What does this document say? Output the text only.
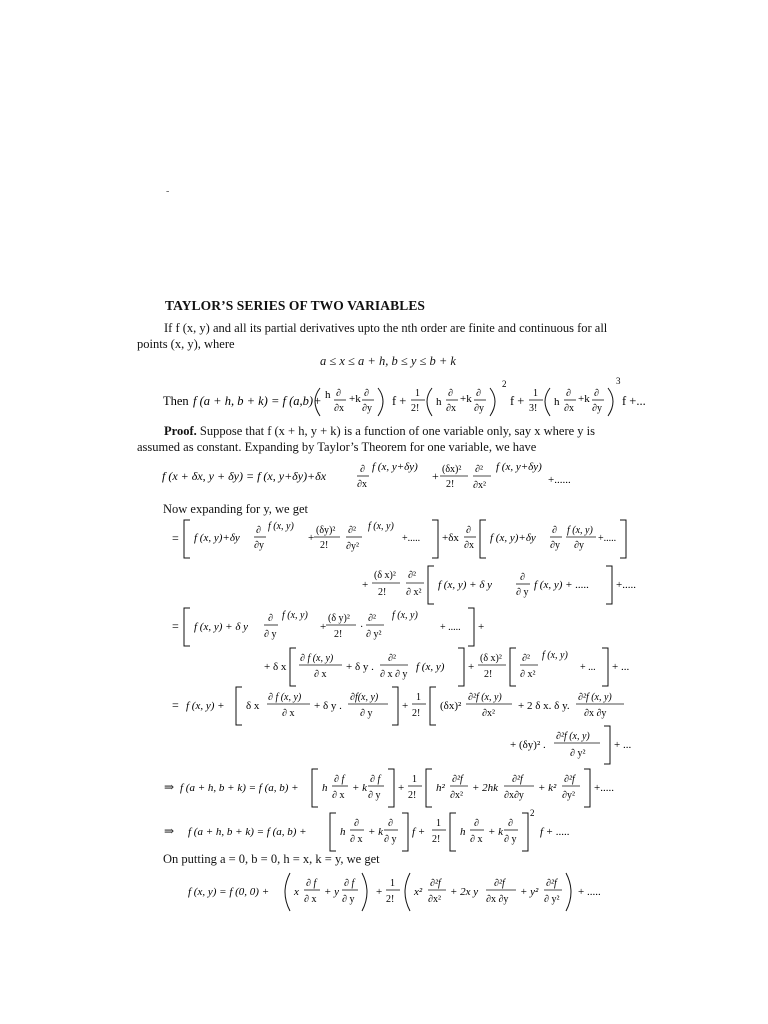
-
TAYLOR’S SERIES OF TWO VARIABLES
If f (x, y) and all its partial derivatives upto the nth order are finite and continuous for all points (x, y), where
a ≤ x ≤ a + h, b ≤ y ≤ b + k
Then f (a + h, b + k) = f (a,b)+ h ∂
∂x
+k ∂
∂y
f +
1
2!
h
∂
∂x
+k ∂
∂y
2
f +
1
3!
h
∂
∂x
+k ∂
∂y
3
f +...
Proof. Suppose that f (x + h, y + k) is a function of one variable only, say x where y is assumed as constant. Expanding by Taylor’s Theorem for one variable, we have
f (x + δx, y + δy) = f (x, y+δy)+δx	∂
∂x
f (x, y+δy)
+ (δx)²
2!
∂²
∂x²
f (x, y+δy)
+......
Now expanding for y, we get
= f (x, y)+δy
∂
∂y
f (x, y)
+
(δy)²
2!
∂²
∂y²
f (x, y)
+..... +δx
∂
∂x
f (x, y)+δy
∂
∂y
f (x, y)
∂y
+.....
+
(δ x)²
2!
∂²
∂ x²
f (x, y) + δ y
∂
∂ y
f (x, y) + ..... +.....
= f (x, y) + δ y
∂
∂ y
f (x, y)
+
(δ y)²
2!
·
∂²
∂ y²
f (x, y)
+ ..... +
+ δ x
∂ f (x, y)
∂ x
+ δ y .
∂²
∂ x ∂ y
f (x, y) +
(δ x)²
2!
∂²
∂ x²
f (x, y)
+ ... + ...
= f (x, y) + δ x
∂ f (x, y)
∂ x
+ δ y .
∂f(x, y)
∂ y
+
1
2!
(δx)²
∂²f (x, y)
∂x²
+ 2 δ x. δ y.
∂²f (x, y)
∂x ∂y
+ (δy)² .
∂²f (x, y)
∂ y²
+ ...
⇒ f (a + h, b + k) = f (a, b) + h
∂ f
∂ x
+ k
∂ f
∂ y
+
1
2!
h²
∂²f
∂x²
+ 2hk
∂²f
∂x∂y
+ k²
∂²f
∂y²
+.....
⇒ f (a + h, b + k) = f (a, b) +	h
∂
∂ x
+ k
∂
∂ y
f +
1
2!
h
∂
∂ x
+ k
∂
∂ y
2
f + .....
On putting a = 0, b = 0, h = x, k = y, we get
f (x, y) = f (0, 0) + x
∂ f
∂ x
+ y
∂ f
∂ y
+
1
2!
x²
∂²f
∂x²
+ 2x y
∂²f
∂x ∂y
+ y²
∂²f
∂ y²
+ .....
